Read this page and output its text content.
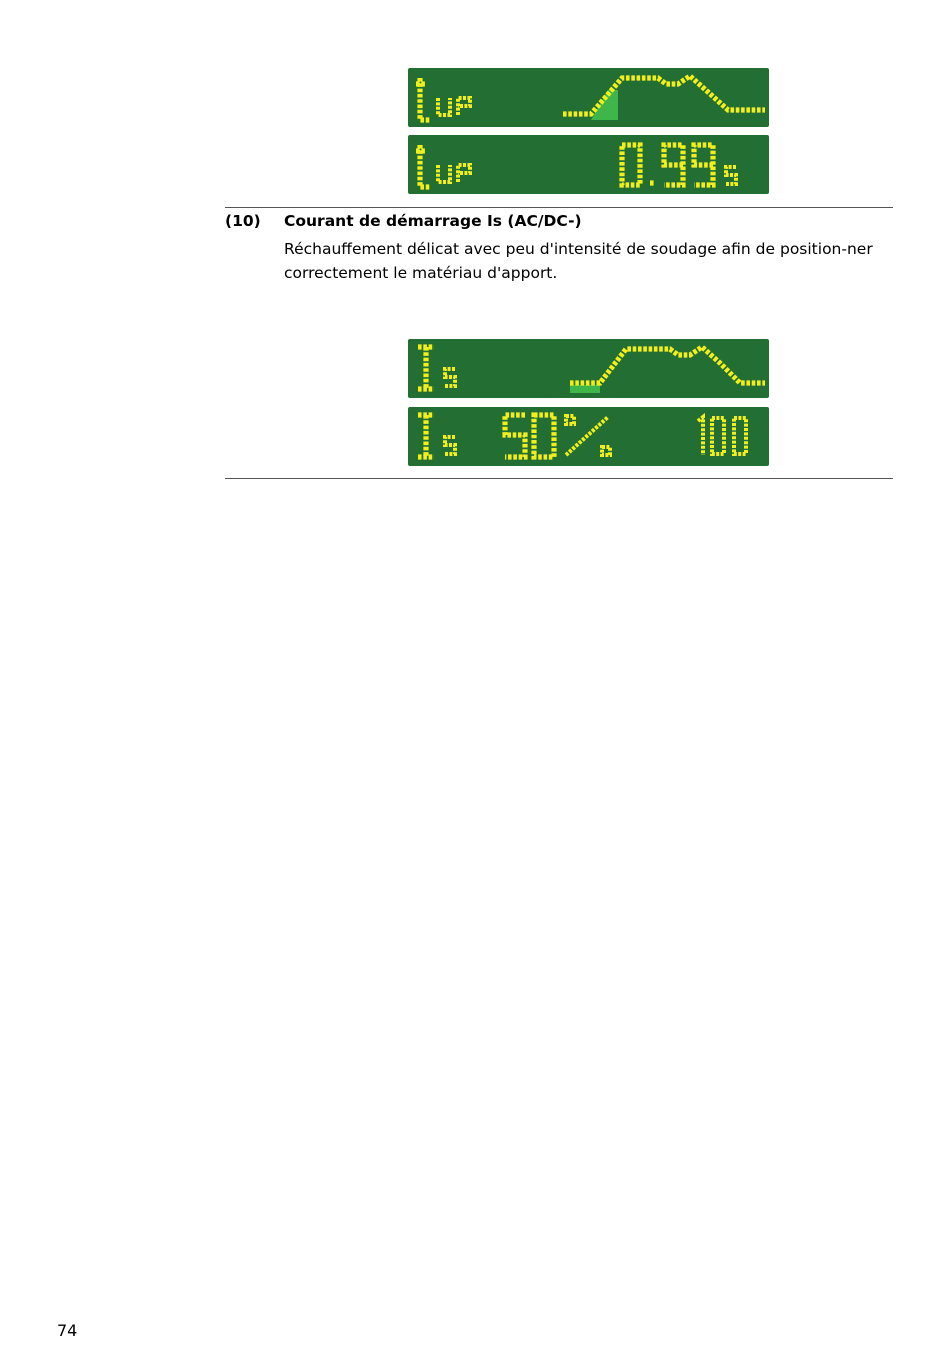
(10) Courant de démarrage Is (AC/DC-)
Réchauffement délicat avec peu d'intensité de soudage afin de position-ner correctement le matériau d'apport.
74
